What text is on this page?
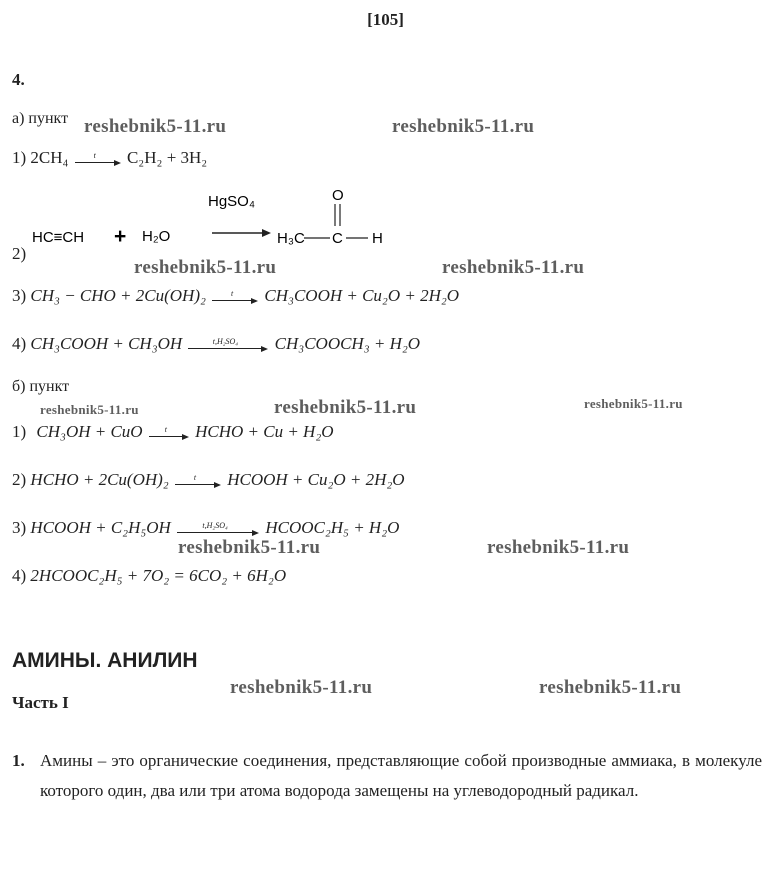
[105]
4.
а) пункт
1) 2CH₄	t	C₂H₂ + 3H₂
2)
HC≡CH + H₂O
HgSO₄
H₃C C H
O
3) CH₃ − CHO + 2Cu(OH)₂	t	CH₃COOH + Cu₂O + 2H₂O
4) CH₃COOH + CH₃OH	t,H₂SO₄	CH₃COOCH₃ + H₂O
б) пункт
1) CH₃OH + CuO	t	HCHO + Cu + H₂O
2) HCHO + 2Cu(OH)₂	t	HCOOH + Cu₂O + 2H₂O
3) HCOOH + C₂H₅OH	t,H₂SO₄	HCOOC₂H₅ + H₂O
4) 2HCOOC₂H₅ + 7O₂ = 6CO₂ + 6H₂O
АМИНЫ. АНИЛИН
Часть I
1. Амины – это органические соединения, представляющие собой производные аммиака, в молекуле которого один, два или три атома водорода замещены на углеводородный радикал.
reshebnik5-11.ru	reshebnik5-11.ru
reshebnik5-11.ru	reshebnik5-11.ru
reshebnik5-11.ru	reshebnik5-11.ru	reshebnik5-11.ru
reshebnik5-11.ru	reshebnik5-11.ru
reshebnik5-11.ru	reshebnik5-11.ru
